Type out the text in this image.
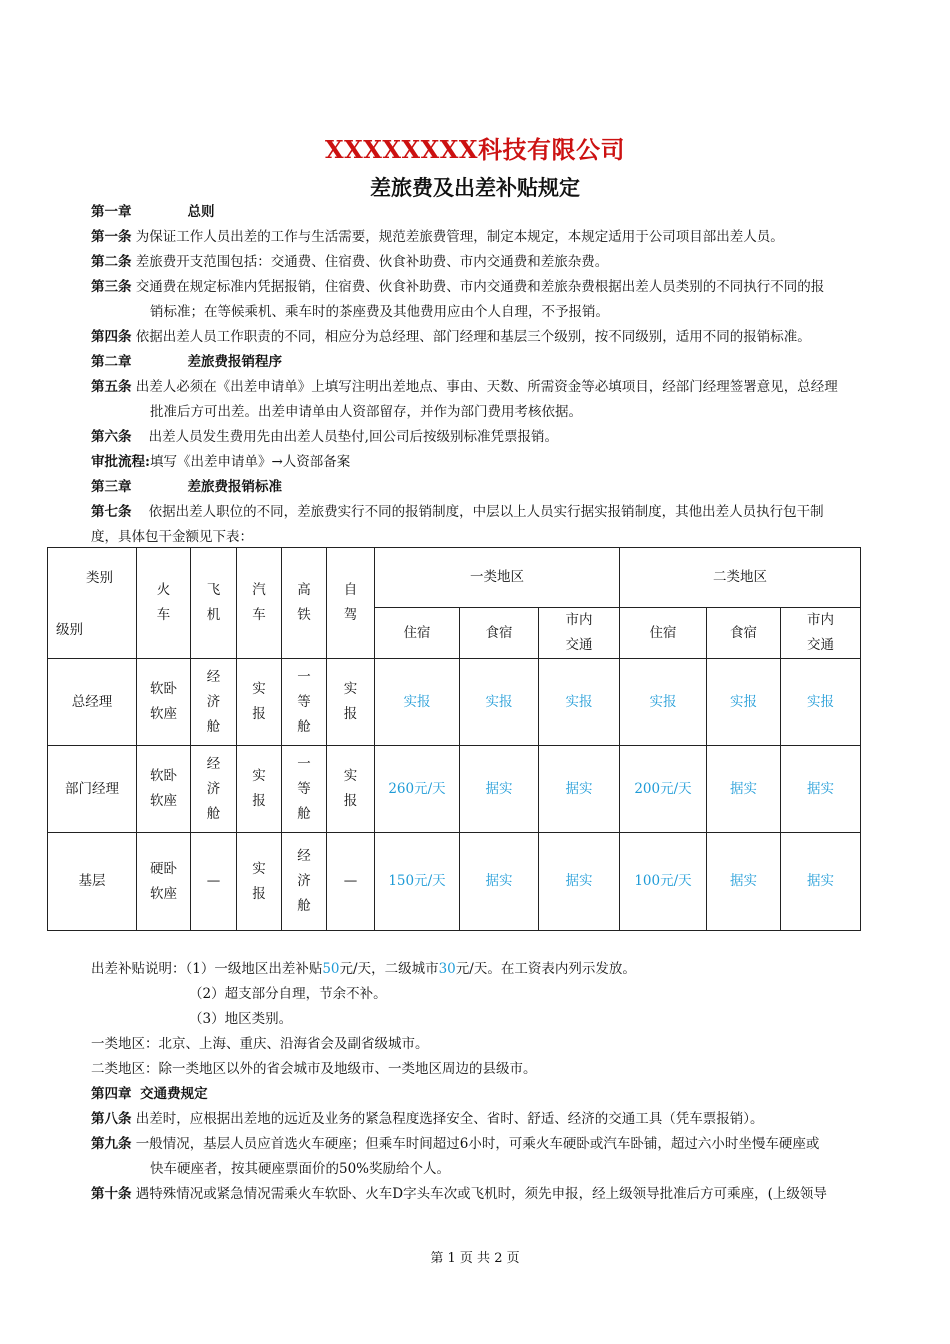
XXXXXXXX科技有限公司
差旅费及出差补贴规定
第一章	总则
第一条 为保证工作人员出差的工作与生活需要，规范差旅费管理，制定本规定，本规定适用于公司项目部出差人员。
第二条 差旅费开支范围包括：交通费、住宿费、伙食补助费、市内交通费和差旅杂费。
第三条 交通费在规定标准内凭据报销，住宿费、伙食补助费、市内交通费和差旅杂费根据出差人员类别的不同执行不同的报
销标准；在等候乘机、乘车时的茶座费及其他费用应由个人自理，不予报销。
第四条 依据出差人员工作职责的不同，相应分为总经理、部门经理和基层三个级别，按不同级别，适用不同的报销标准。
第二章	差旅费报销程序
第五条 出差人必须在《出差申请单》上填写注明出差地点、事由、天数、所需资金等必填项目，经部门经理签署意见，总经理
批准后方可出差。出差申请单由人资部留存，并作为部门费用考核依据。
第六条 出差人员发生费用先由出差人员垫付,回公司后按级别标准凭票报销。
审批流程:填写《出差申请单》→人资部备案
第三章	差旅费报销标准
第七条 依据出差人职位的不同，差旅费实行不同的报销制度，中层以上人员实行据实报销制度，其他出差人员执行包干制
度，具体包干金额见下表：
类别
级别	火车	飞机	汽车	高铁	自驾	一类地区			二类地区		
						住宿	食宿	市内交通	住宿	食宿	市内交通
总经理	软卧软座	经济舱	实报	一等舱	实报	实报	实报	实报	实报	实报	实报
部门经理	软卧软座	经济舱	实报	一等舱	实报	260元/天	据实	据实	200元/天	据实	据实
基层	硬卧软座	—	实报	经济舱	—	150元/天	据实	据实	100元/天	据实	据实
出差补贴说明：（1）一级地区出差补贴50元/天，二级城市30元/天。在工资表内列示发放。
（2）超支部分自理，节余不补。
（3）地区类别。
一类地区：北京、上海、重庆、沿海省会及副省级城市。
二类地区：除一类地区以外的省会城市及地级市、一类地区周边的县级市。
第四章 交通费规定
第八条 出差时，应根据出差地的远近及业务的紧急程度选择安全、省时、舒适、经济的交通工具（凭车票报销）。
第九条 一般情况，基层人员应首选火车硬座；但乘车时间超过6小时，可乘火车硬卧或汽车卧铺，超过六小时坐慢车硬座或
快车硬座者，按其硬座票面价的50%奖励给个人。
第十条 遇特殊情况或紧急情况需乘火车软卧、火车D字头车次或飞机时，须先申报，经上级领导批准后方可乘座，(上级领导
第 1 页 共 2 页
